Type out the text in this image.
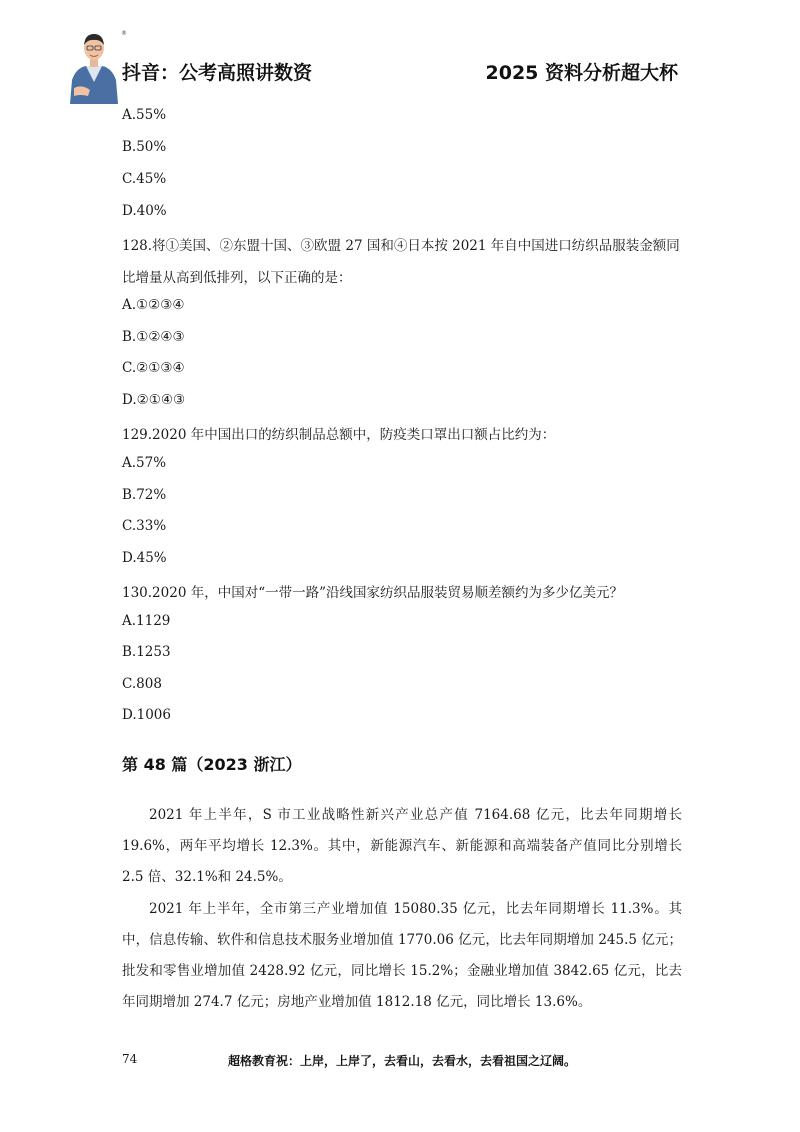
®
抖音：公考高照讲数资	2025 资料分析超大杯
A.55%
B.50%
C.45%
D.40%
128.将①美国、②东盟十国、③欧盟 27 国和④日本按 2021 年自中国进口纺织品服装金额同
比增量从高到低排列，以下正确的是：
A.①②③④
B.①②④③
C.②①③④
D.②①④③
129.2020 年中国出口的纺织制品总额中，防疫类口罩出口额占比约为：
A.57%
B.72%
C.33%
D.45%
130.2020 年，中国对“一带一路”沿线国家纺织品服装贸易顺差额约为多少亿美元？
A.1129
B.1253
C.808
D.1006
第 48 篇（2023 浙江）
2021 年上半年，S 市工业战略性新兴产业总产值 7164.68 亿元，比去年同期增长 19.6%，两年平均增长 12.3%。其中，新能源汽车、新能源和高端装备产值同比分别增长 2.5 倍、32.1%和 24.5%。
2021 年上半年，全市第三产业增加值 15080.35 亿元，比去年同期增长 11.3%。其中，信息传输、软件和信息技术服务业增加值 1770.06 亿元，比去年同期增加 245.5 亿元；批发和零售业增加值 2428.92 亿元，同比增长 15.2%；金融业增加值 3842.65 亿元，比去年同期增加 274.7 亿元；房地产业增加值 1812.18 亿元，同比增长 13.6%。
74	超格教育祝：上岸，上岸了，去看山，去看水，去看祖国之辽阔。
